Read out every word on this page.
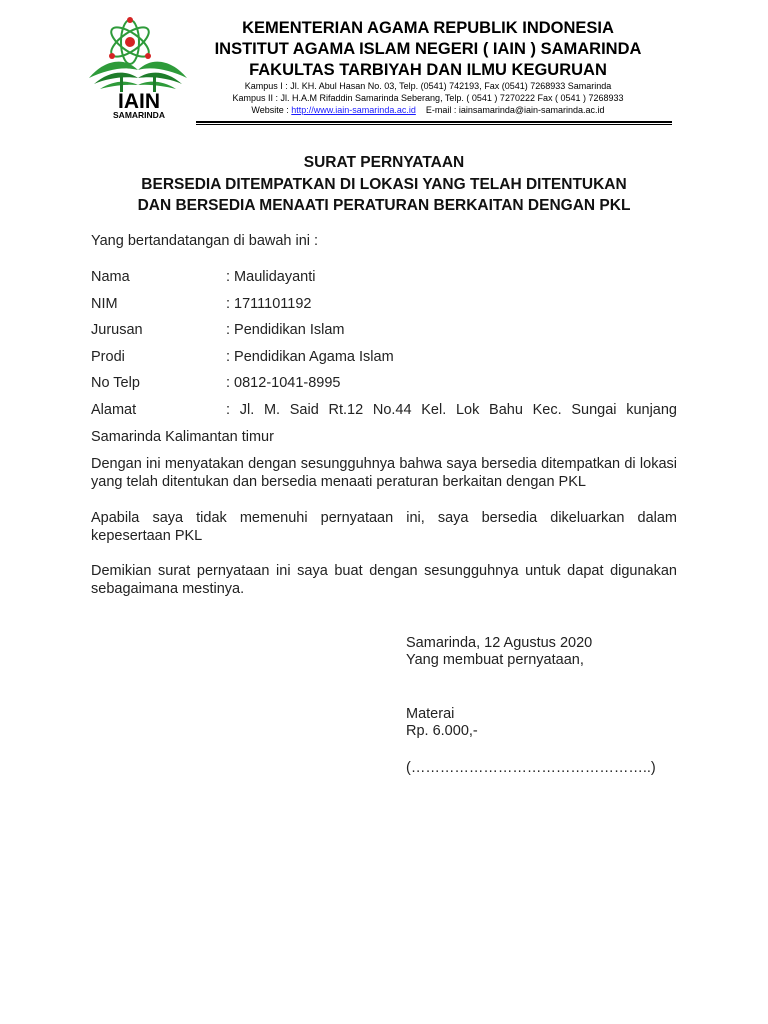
IAIN
SAMARINDA
KEMENTERIAN AGAMA REPUBLIK INDONESIA
INSTITUT AGAMA ISLAM NEGERI ( IAIN ) SAMARINDA
FAKULTAS TARBIYAH DAN ILMU KEGURUAN
Kampus I : Jl. KH. Abul Hasan No. 03, Telp. (0541) 742193, Fax (0541) 7268933 Samarinda
Kampus II : Jl. H.A.M Rifaddin Samarinda Seberang, Telp. ( 0541 ) 7270222 Fax ( 0541 ) 7268933
Website : http://www.iain-samarinda.ac.id E-mail : iainsamarinda@iain-samarinda.ac.id
SURAT PERNYATAAN
BERSEDIA DITEMPATKAN DI LOKASI YANG TELAH DITENTUKAN
DAN BERSEDIA MENAATI PERATURAN BERKAITAN DENGAN PKL
Yang bertandatangan di bawah ini :
Nama	: Maulidayanti
NIM	: 1711101192
Jurusan	: Pendidikan Islam
Prodi	: Pendidikan Agama Islam
No Telp	: 0812-1041-8995
Alamat	:  Jl.  M.  Said  Rt.12  No.44  Kel.  Lok  Bahu  Kec.  Sungai  kunjang
Samarinda Kalimantan timur
Dengan ini menyatakan dengan sesungguhnya bahwa saya bersedia ditempatkan di lokasi yang telah ditentukan dan bersedia menaati peraturan berkaitan dengan PKL
Apabila saya tidak memenuhi pernyataan ini, saya bersedia dikeluarkan dalam kepesertaan PKL
Demikian surat pernyataan ini saya buat dengan sesungguhnya untuk dapat digunakan sebagaimana mestinya.
Samarinda, 12 Agustus 2020
Yang membuat pernyataan,
Materai
Rp. 6.000,-
(…………………………………………..)
